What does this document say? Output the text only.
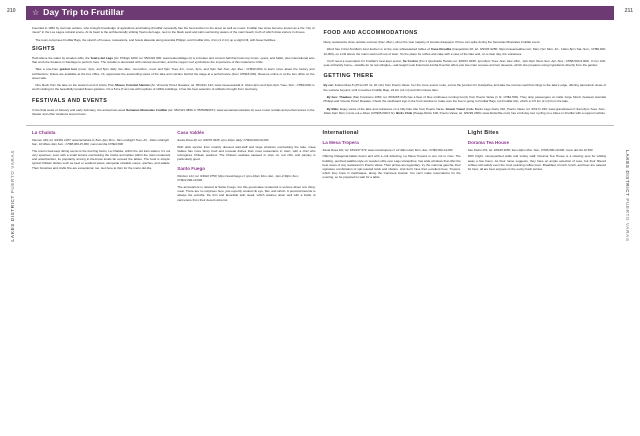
210
LAKES DISTRICT PUERTO VARAS
☆ Day Trip to Frutillar

Founded in 1852 by German settlers, who brought knowledge of agriculture and baking (Frutillar reportedly has the best kuchen in the area) as well as music, Frutillar has since become known as a the "city of music" in the Los Lagos cultural scene. At its heart is the architecturally striking Teatro del Lago, next to the black sand and calm swimming waters of the main beach, both of which draw visitors in droves.

The town comprises Frutillar Bajo, the stretch of houses, restaurants, and hotels lakeside along Avenida Philippi, and Frutillar Alto, 2 km (1.2 mi) up a slight hill, with fewer facilities.

SIGHTS

Held above the water by wooden stilts, the Teatro del Lago (Av. Philippi 1000; tel. 65/2422 900; www.teatrodellago.cl) is a theater and concert hall that hosts top music, opera, and ballet, plus international acts that snub the theaters in Santiago to perform here. The outside is decorated with colored wood tiles, and the copper roof symbolizes the importance of this material to Chile.

Take a one-hour guided tour (noon, 3pm, and 5pm daily Jan.-Mar., noon-Mon., noon and 5pm Tues.-Fri., noon, 3pm, and 5pm Sat.-Sun. Apr.-Dec.; CH$10,000) to learn more about the history and architecture; tickets are available at the box office. Or, appreciate the astounding views of the lake and volcano behind the stage at a performance (from CH$15,000). Reserve online or at the box office on the street side.

One block from the lake on the western end of Arturo Prat, Museo Colonial Alemán (Av. Vincente Pérez Rosales; tel. 65/2421 142; www.museoaustral.cl; 10am-2pm and 3pm-6pm Tues.-Sun.; CH$3,000) is worth visiting for the beautifully tended flower gardens. On a 5-ha (7-ac) site with replicas of 1940s buildings, it has the best selection of artifacts brought from Germany.

FESTIVALS AND EVENTS

In the final week of January and early February, the annual two-week Semanas Musicales Frutillar (tel. 65/2421 3869 or 65/56996071; www.semanasmusicales.cl) sees music recitals and performances in the theater and other locations around town.

FOOD AND ACCOMMODATIONS

Many restaurants close outside summer (Dec.-Mar.), when the vast majority of tourists disappear. Prices can spike during the Semanas Musicales Frutillar event.

Word has it that Frutillar's best kuchen is at the cute whitewashed tables of Casa Rosalba (Caupolicán 28; tel. 9/9336 9286; https://casarosalba.com; 8am-7pm Mon.-Fri., 10am-5pm Sat.-Sun.; CH$5,000-10,000), on a hill above the main road north out of town. It's the place for coffee and cake with a view of the lake and, on a clear day, the volcanoes.

You'll need a reservation for Frutillar's best-kept secret, Se Cocina (Km 2 Quebrada Honda; tel. 9/8972 8195; 1pm-8pm Tues.-Sun. Dec.-Mar., 1pm-8pm Wed.-Sun. Apr.-Nov.; CH$6,500-9,800). In her 100-year-old family home—notable for its red shingles—self-taught cook Francisca Acuña Kuschel offers just two main courses and two desserts, which she prepares using ingredients directly from the garden.

GETTING THERE

By car: Follow Ruta 5 (25 km/15 mi; 20 min) from Puerto Varas. For the more scenic route, exit at the junction for Llanquihue and take the narrow road that clings to the lake's edge, offering panoramic views of the volcano beyond, until it reaches Frutillar Bajo, 24 km (14 mi) and 30 minutes later.

By bus: Thaebus (San Francisco 1060; tel. 65/2265 019) has a fleet of blue minibuses running hourly from Puerto Varas (1 hr; CH$1,500). They drop passengers on Calle Jorge Montt, between Avenida Philippi and Vicente Pérez Rosales. Check the cardboard sign in the front window to make sure the bus is going to Frutillar Bajo, not Frutillar Alto, which is 3.5 km (2 mi) from the lake.

By Bike: Enjoy views of the lake and volcanoes on a hilly bike ride from Puerto Varas. Gravel Travel (Calle Borde Lago Norte 332, Puerto Varas; tel. 9/5171 333; www.graveltravel.cl; 9am-6pm Tues.-Sun., 10am-6pm Mon.) rents out e-bikes (CH$35,000/4 hr). Birds Chile (Pasaje Riche 108, Puerto Varas; tel. 9/9299 2606; www.birdschile.com) has a full-day tour cycling on e-bikes to Frutillar with a support vehicle.

La Chalota

Klenner 349; tel. 9/4381 1287; www.lachalota.cl; 8am-4pm Mon., 8am-midnight Tues.-Fri., 10am-midnight Sat., 10:30am-4pm Sun.; CH$8,000-15,000, menú del día CH$10,800

The town's best-kept dining secret is the buzzing bistro, La Chalota, within the old train station. It's not very spacious; even with a small terrace overlooking the tracks and tables within the main restaurant and antechamber, its popularity among in-the-know locals far exceed the tables. The food is simple: typical Chilean dishes such as beef or seafood stews, alongside sizeable soups, quiches, and salads. Their brownies and crafts fins are exceptional, too. Get here at 3pm for the menú del día.

Casa Valdés

Santa Rosa 40; tel. 9/9079 3938; 1pm-10pm daily; CH$10,000-20,000

With slick service from smartly dressed wait-staff and large windows overlooking the lake, Casa Valdés has more fancy food and unusual dishes than most restaurants in town, with a chef who reimagines Chilean seafood. The Chilean seabass sauteed in olive oil, red chili, and parsley is particularly good.

Santo Fuego

Windsor 121; tel. 9/3922 9750; https://santofuego.cl; 1pm-10pm Mon.-Sat., 1pm-4:30pm Sun.; CH$12,000-19,000

The atmosphere is relaxed at Santo Fuego, but this good-value restaurant is serious about one thing: meat. There are no surprises here, just expertly cooked rib eye, filet, and sirloin. A personal favorite is always the entraña, the thin and favorable skirt steak, which washes down well with a bottle of carmenère from their decent wine list.

International
La Mesa Tropera

Santa Rosa 161; tel. 65/2237 973; www.mesatropera.cl; 12:30pm-2am Mon.-Sat.; CH$9,000-14,000

Offering Patagonia-Italian fusion and with a cult following, La Mesa Tropera is one not to miss. The building, perched palafito-style on wooden stilts over Lago Llanquihue, has wide windows that offer the best views of any restaurant in Puerto Varas. Their pizzas are legendary: try the mamma gaucha, their signature combination of spit-roasted lamb and cilantro. And don't miss their excellent beer, Tropera, which they brew in Calchaique, along the Carretera Austral. You can't make reservations for the evening, so be prepared to wait for a table.

Light Bites
Dorama Tea House

San Pedro 251; tel. 9/8448 3050; 9am-10pm Mon.-Sat.; CH$5,000-10,000, menú del día 10,500

With bright, mural-painted walls and smiley staff, Dorama Tea House is a relaxing spot for whiling away a few hours. As their name suggests, they have an ample selection of teas, but their filtered coffees will satisfy even the most exacting coffee lover. Breakfast, brunch, lunch, and beer are catered for here; all are best enjoyed on the sunny back terrace.

211
LAKES DISTRICT PUERTO VARAS
